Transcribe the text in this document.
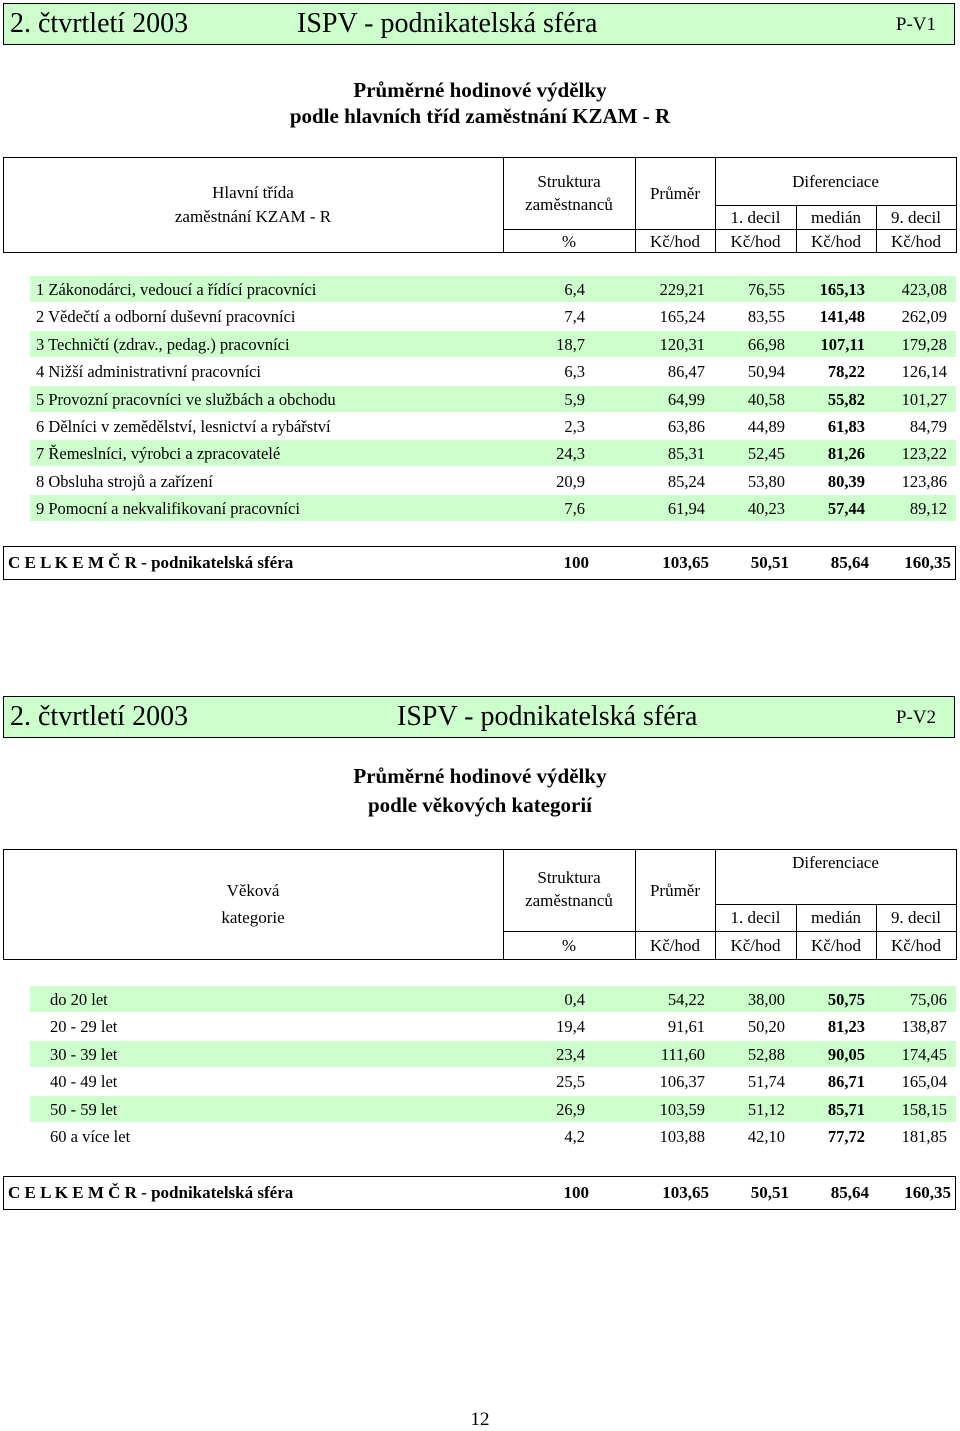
2. čtvrtletí 2003	ISPV - podnikatelská sféra	P-V1
Průměrné hodinové výdělky
podle hlavních tříd zaměstnání KZAM - R
Hlavní třída
zaměstnání KZAM - R
Struktura
zaměstnanců
Průměr
Diferenciace
1. decil	medián	9. decil
%	Kč/hod	Kč/hod	Kč/hod	Kč/hod
1 Zákonodárci, vedoucí a řídící pracovníci	6,4	229,21	76,55	165,13	423,08
2 Vědečtí a odborní duševní pracovníci	7,4	165,24	83,55	141,48	262,09
3 Techničtí (zdrav., pedag.) pracovníci	18,7	120,31	66,98	107,11	179,28
4 Nižší administrativní pracovníci	6,3	86,47	50,94	78,22	126,14
5 Provozní pracovníci ve službách a obchodu	5,9	64,99	40,58	55,82	101,27
6 Dělníci v zemědělství, lesnictví a rybářství	2,3	63,86	44,89	61,83	84,79
7 Řemeslníci, výrobci a zpracovatelé	24,3	85,31	52,45	81,26	123,22
8 Obsluha strojů a zařízení	20,9	85,24	53,80	80,39	123,86
9 Pomocní a nekvalifikovaní pracovníci	7,6	61,94	40,23	57,44	89,12
C E L K E M Č R - podnikatelská sféra	100	103,65	50,51	85,64	160,35
2. čtvrtletí 2003	ISPV - podnikatelská sféra	P-V2
Průměrné hodinové výdělky
podle věkových kategorií
Věková
kategorie
Struktura
zaměstnanců
Průměr
Diferenciace
1. decil	medián	9. decil
%	Kč/hod	Kč/hod	Kč/hod	Kč/hod
do 20 let	0,4	54,22	38,00	50,75	75,06
20 - 29 let	19,4	91,61	50,20	81,23	138,87
30 - 39 let	23,4	111,60	52,88	90,05	174,45
40 - 49 let	25,5	106,37	51,74	86,71	165,04
50 - 59 let	26,9	103,59	51,12	85,71	158,15
60 a více let	4,2	103,88	42,10	77,72	181,85
C E L K E M Č R - podnikatelská sféra	100	103,65	50,51	85,64	160,35
12
